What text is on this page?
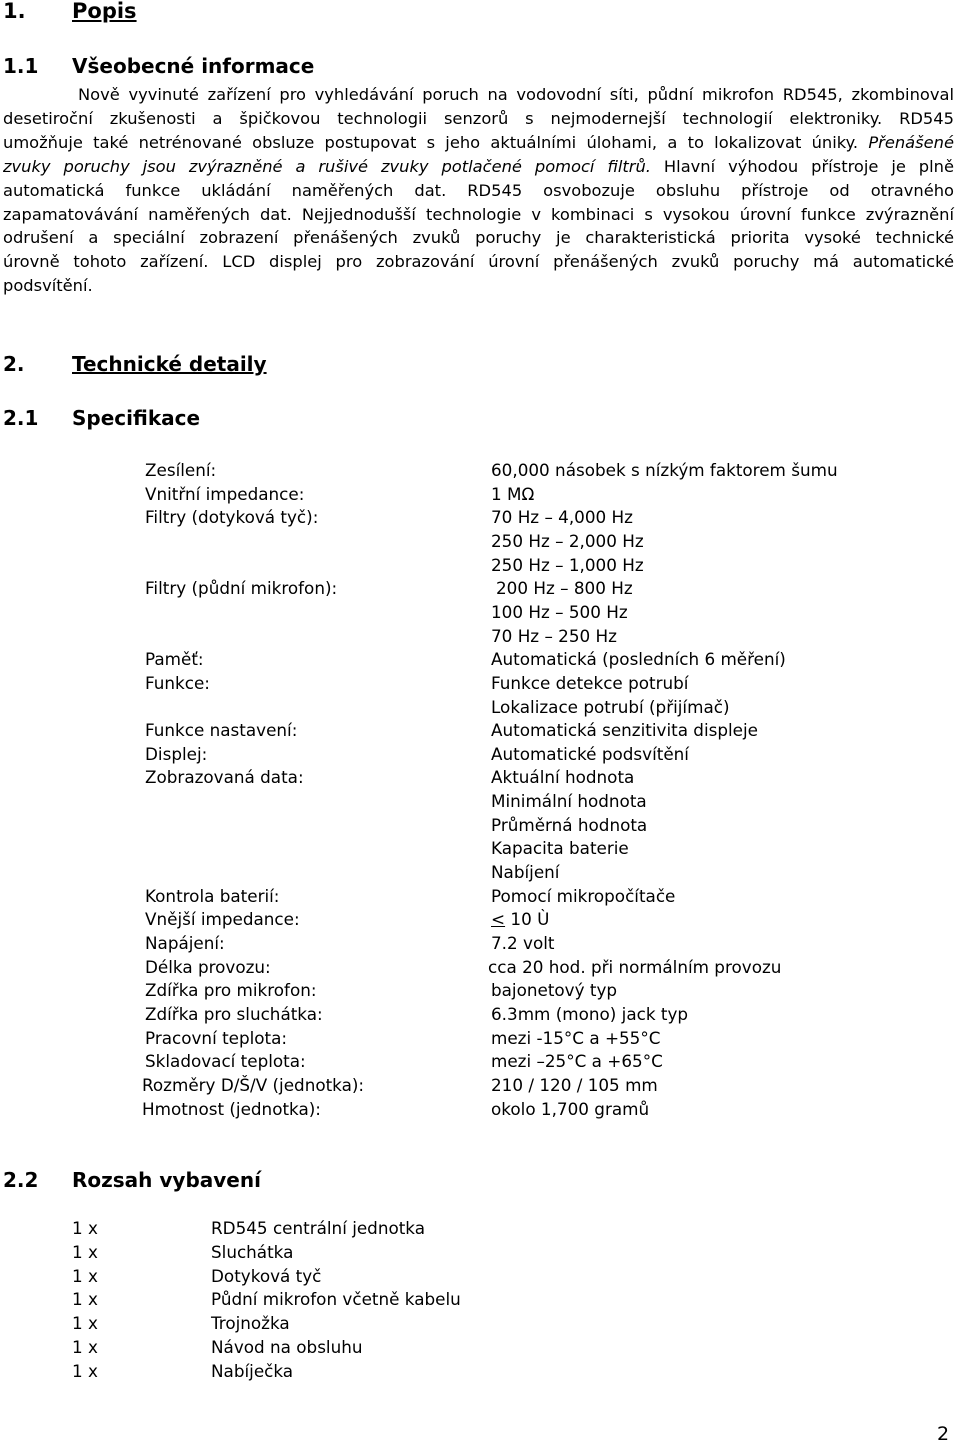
1. Popis
1.1 Všeobecné informace
Nově vyvinuté zařízení pro vyhledávání poruch na vodovodní síti, půdní mikrofon RD545, zkombinoval
desetiroční zkušenosti a špičkovou technologii senzorů s nejmodernejší technologií elektroniky. RD545
umožňuje také netrénované obsluze postupovat s jeho aktuálními úlohami, a to lokalizovat úniky. Přenášené
zvuky poruchy jsou zvýrazněné a rušivé zvuky potlačené pomocí filtrů. Hlavní výhodou přístroje je plně
automatická funkce ukládání naměřených dat. RD545 osvobozuje obsluhu přístroje od otravného
zapamatovávání naměřených dat. Nejjednodušší technologie v kombinaci s vysokou úrovní funkce zvýraznění
odrušení a speciální zobrazení přenášených zvuků poruchy je charakteristická priorita vysoké technické
úrovně tohoto zařízení. LCD displej pro zobrazování úrovní přenášených zvuků poruchy má automatické
podsvítění.
2. Technické detaily
2.1 Specifikace
Zesílení:	60,000 násobek s nízkým faktorem šumu
Vnitřní impedance:	1 MΩ
Filtry (dotyková tyč):	70 Hz – 4,000 Hz
250 Hz – 2,000 Hz
250 Hz – 1,000 Hz
Filtry (půdní mikrofon):	200 Hz – 800 Hz
100 Hz – 500 Hz
70 Hz – 250 Hz
Paměť:	Automatická (posledních 6 měření)
Funkce:	Funkce detekce potrubí
Lokalizace potrubí (přijímač)
Funkce nastavení:	Automatická senzitivita displeje
Displej:	Automatické podsvítění
Zobrazovaná data:	Aktuální hodnota
Minimální hodnota
Průměrná hodnota
Kapacita baterie
Nabíjení
Kontrola baterií:	Pomocí mikropočítače
Vnější impedance:	< 10 Ù
Napájení:	7.2 volt
Délka provozu:	cca 20 hod. při normálním provozu
Zdířka pro mikrofon:	bajonetový typ
Zdířka pro sluchátka:	6.3mm (mono) jack typ
Pracovní teplota:	mezi -15°C a +55°C
Skladovací teplota:	mezi –25°C a +65°C
Rozměry D/Š/V (jednotka):	210 / 120 / 105 mm
Hmotnost (jednotka):	okolo 1,700 gramů
2.2 Rozsah vybavení
1 x	RD545 centrální jednotka
1 x	Sluchátka
1 x	Dotyková tyč
1 x	Půdní mikrofon včetně kabelu
1 x	Trojnožka
1 x	Návod na obsluhu
1 x	Nabíječka
2
